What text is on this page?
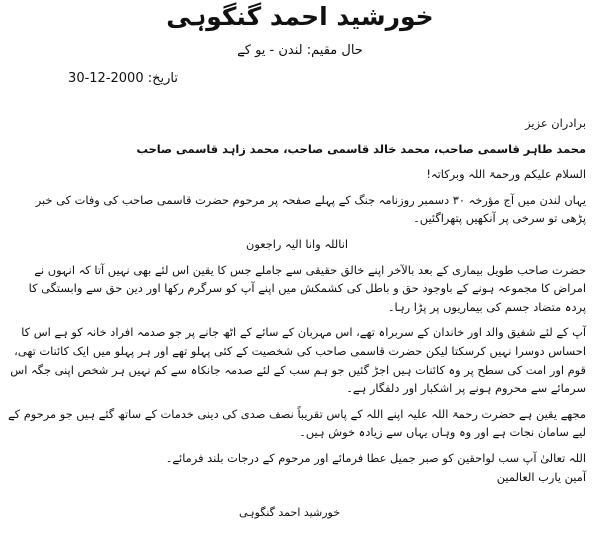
خورشید احمد گنگوہی
حال مقیم: لندن - یو کے
تاریخ: 30-12-2000

برادران عزیز

محمد طاہر قاسمی صاحب، محمد خالد قاسمی صاحب، محمد زاہد قاسمی صاحب

السلام علیکم ورحمۃ اللہ وبرکاتہ!

یہاں لندن میں آج مؤرخہ ۳۰ دسمبر روزنامہ جنگ کے پہلے صفحہ پر مرحوم حضرت قاسمی صاحب کی وفات کی خبر پڑھی تو سرخی پر آنکھیں پتھراگئیں۔

اناللہ وانا الیہ راجعون

حضرت صاحب طویل بیماری کے بعد بالآخر اپنے خالق حقیقی سے جاملے جس کا یقین اس لئے بھی نہیں آتا کہ انہوں نے امراض کا مجموعہ ہونے کے باوجود حق و باطل کی کشمکش میں اپنے آپ کو سرگرم رکھا اور دین حق سے وابستگی کا پردہ متضاد جسم کی بیماریوں پر پڑا رہا۔

آپ کے لئے شفیق والد اور خاندان کے سربراہ تھے، اس مہربان کے سائے کے اٹھ جانے پر جو صدمہ افراد خانہ کو ہے اس کا احساس دوسرا نہیں کرسکتا لیکن حضرت قاسمی صاحب کی شخصیت کے کئی پہلو تھے اور ہر پہلو میں ایک کائنات تھی، قوم اور امت کی سطح پر وہ کائنات ہیں اجڑ گئیں جو ہم سب کے لئے صدمہ جانکاہ سے کم نہیں ہر شخص اپنی جگہ اس سرمائے سے محروم ہونے پر اشکبار اور دلفگار ہے۔

مجھے یقین ہے حضرت رحمۃ اللہ علیہ اپنے اللہ کے پاس تقریباً نصف صدی کی دینی خدمات کے ساتھ گئے ہیں جو مرحوم کے لیے سامان نجات ہے اور وہ وہاں یہاں سے زیادہ خوش ہیں۔

اللہ تعالیٰ آپ سب لواحقین کو صبر جمیل عطا فرمائے اور مرحوم کے درجات بلند فرمائے۔

آمین یارب العالمین

خورشید احمد گنگوہی
